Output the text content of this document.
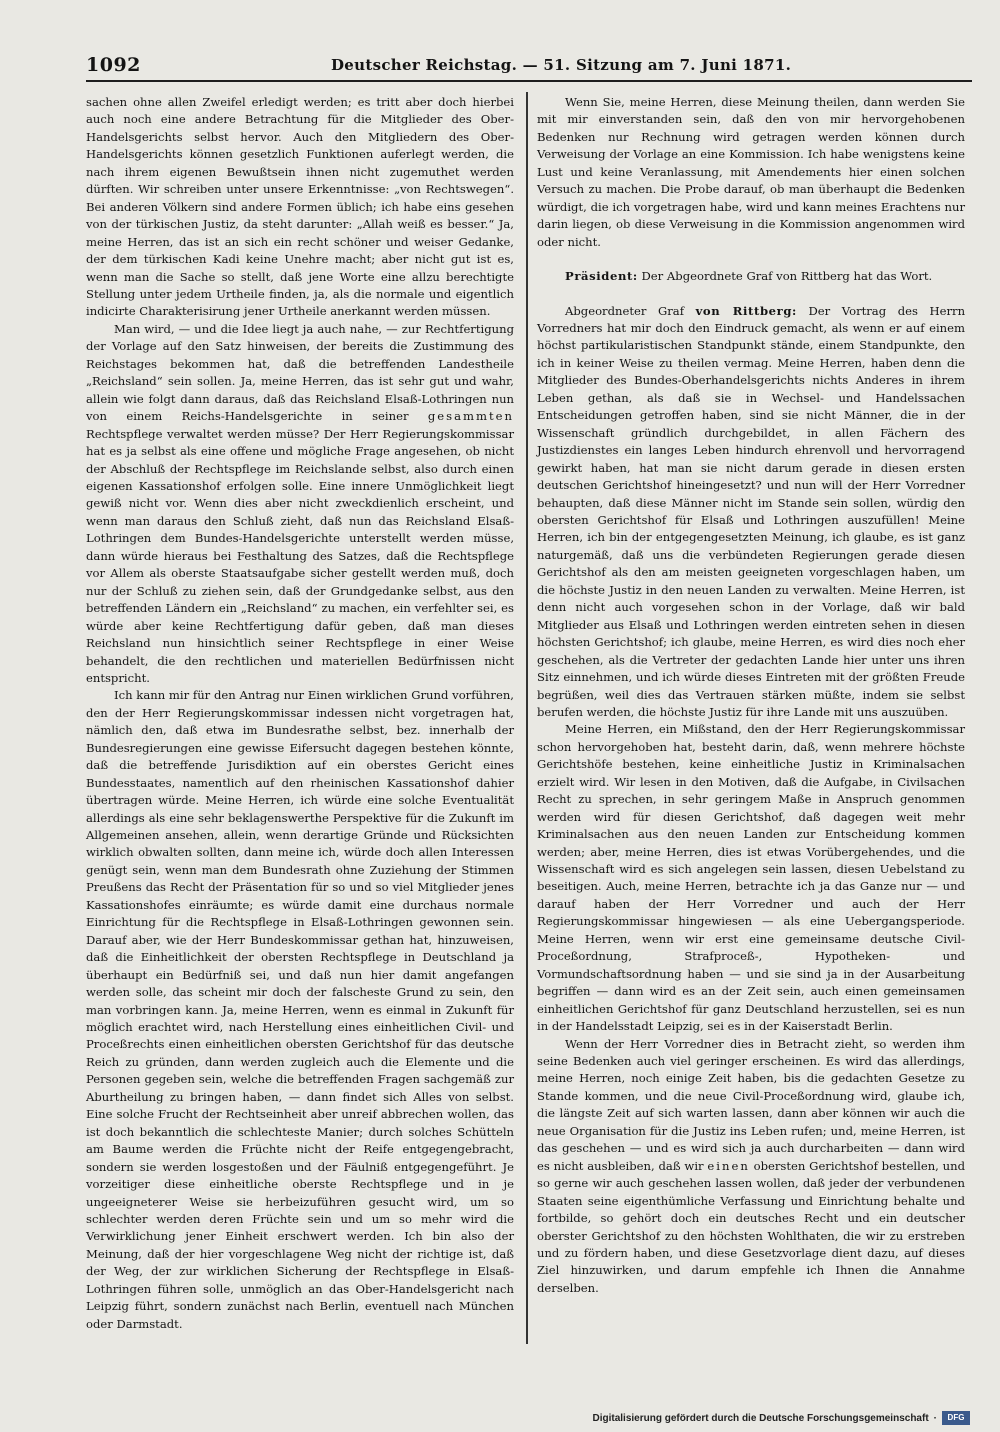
1092	Deutscher Reichstag. — 51. Sitzung am 7. Juni 1871.

sachen ohne allen Zweifel erledigt werden; es tritt aber doch hierbei auch noch eine andere Betrachtung für die Mitglieder des Ober-Handelsgerichts selbst hervor. Auch den Mitgliedern des Ober-Handelsgerichts können gesetzlich Funktionen auferlegt werden, die nach ihrem eigenen Bewußtsein ihnen nicht zugemuthet werden dürften. Wir schreiben unter unsere Erkenntnisse: „von Rechtswegen“. Bei anderen Völkern sind andere Formen üblich; ich habe eins gesehen von der türkischen Justiz, da steht darunter: „Allah weiß es besser.“ Ja, meine Herren, das ist an sich ein recht schöner und weiser Gedanke, der dem türkischen Kadi keine Unehre macht; aber nicht gut ist es, wenn man die Sache so stellt, daß jene Worte eine allzu berechtigte Stellung unter jedem Urtheile finden, ja, als die normale und eigentlich indicirte Charakterisirung jener Urtheile anerkannt werden müssen.

Man wird, — und die Idee liegt ja auch nahe, — zur Rechtfertigung der Vorlage auf den Satz hinweisen, der bereits die Zustimmung des Reichstages bekommen hat, daß die betreffenden Landestheile „Reichsland“ sein sollen. Ja, meine Herren, das ist sehr gut und wahr, allein wie folgt dann daraus, daß das Reichsland Elsaß-Lothringen nun von einem Reichs-Handelsgerichte in seiner gesammten Rechtspflege verwaltet werden müsse? Der Herr Regierungskommissar hat es ja selbst als eine offene und mögliche Frage angesehen, ob nicht der Abschluß der Rechtspflege im Reichslande selbst, also durch einen eigenen Kassationshof erfolgen solle. Eine innere Unmöglichkeit liegt gewiß nicht vor. Wenn dies aber nicht zweckdienlich erscheint, und wenn man daraus den Schluß zieht, daß nun das Reichsland Elsaß-Lothringen dem Bundes-Handelsgerichte unterstellt werden müsse, dann würde hieraus bei Festhaltung des Satzes, daß die Rechtspflege vor Allem als oberste Staatsaufgabe sicher gestellt werden muß, doch nur der Schluß zu ziehen sein, daß der Grundgedanke selbst, aus den betreffenden Ländern ein „Reichsland“ zu machen, ein verfehlter sei, es würde aber keine Rechtfertigung dafür geben, daß man dieses Reichsland nun hinsichtlich seiner Rechtspflege in einer Weise behandelt, die den rechtlichen und materiellen Bedürfnissen nicht entspricht.

Ich kann mir für den Antrag nur Einen wirklichen Grund vorführen, den der Herr Regierungskommissar indessen nicht vorgetragen hat, nämlich den, daß etwa im Bundesrathe selbst, bez. innerhalb der Bundesregierungen eine gewisse Eifersucht dagegen bestehen könnte, daß die betreffende Jurisdiktion auf ein oberstes Gericht eines Bundesstaates, namentlich auf den rheinischen Kassationshof dahier übertragen würde. Meine Herren, ich würde eine solche Eventualität allerdings als eine sehr beklagenswerthe Perspektive für die Zukunft im Allgemeinen ansehen, allein, wenn derartige Gründe und Rücksichten wirklich obwalten sollten, dann meine ich, würde doch allen Interessen genügt sein, wenn man dem Bundesrath ohne Zuziehung der Stimmen Preußens das Recht der Präsentation für so und so viel Mitglieder jenes Kassationshofes einräumte; es würde damit eine durchaus normale Einrichtung für die Rechtspflege in Elsaß-Lothringen gewonnen sein. Darauf aber, wie der Herr Bundeskommissar gethan hat, hinzuweisen, daß die Einheitlichkeit der obersten Rechtspflege in Deutschland ja überhaupt ein Bedürfniß sei, und daß nun hier damit angefangen werden solle, das scheint mir doch der falscheste Grund zu sein, den man vorbringen kann. Ja, meine Herren, wenn es einmal in Zukunft für möglich erachtet wird, nach Herstellung eines einheitlichen Civil- und Proceßrechts einen einheitlichen obersten Gerichtshof für das deutsche Reich zu gründen, dann werden zugleich auch die Elemente und die Personen gegeben sein, welche die betreffenden Fragen sachgemäß zur Aburtheilung zu bringen haben, — dann findet sich Alles von selbst. Eine solche Frucht der Rechtseinheit aber unreif abbrechen wollen, das ist doch bekanntlich die schlechteste Manier; durch solches Schütteln am Baume werden die Früchte nicht der Reife entgegengebracht, sondern sie werden losgestoßen und der Fäulniß entgegengeführt. Je vorzeitiger diese einheitliche oberste Rechtspflege und in je ungeeigneterer Weise sie herbeizuführen gesucht wird, um so schlechter werden deren Früchte sein und um so mehr wird die Verwirklichung jener Einheit erschwert werden. Ich bin also der Meinung, daß der hier vorgeschlagene Weg nicht der richtige ist, daß der Weg, der zur wirklichen Sicherung der Rechtspflege in Elsaß-Lothringen führen solle, unmöglich an das Ober-Handelsgericht nach Leipzig führt, sondern zunächst nach Berlin, eventuell nach München oder Darmstadt.

Wenn Sie, meine Herren, diese Meinung theilen, dann werden Sie mit mir einverstanden sein, daß den von mir hervorgehobenen Bedenken nur Rechnung wird getragen werden können durch Verweisung der Vorlage an eine Kommission. Ich habe wenigstens keine Lust und keine Veranlassung, mit Amendements hier einen solchen Versuch zu machen. Die Probe darauf, ob man überhaupt die Bedenken würdigt, die ich vorgetragen habe, wird und kann meines Erachtens nur darin liegen, ob diese Verweisung in die Kommission angenommen wird oder nicht.

Präsident: Der Abgeordnete Graf von Rittberg hat das Wort.

Abgeordneter Graf von Rittberg: Der Vortrag des Herrn Vorredners hat mir doch den Eindruck gemacht, als wenn er auf einem höchst partikularistischen Standpunkt stände, einem Standpunkte, den ich in keiner Weise zu theilen vermag. Meine Herren, haben denn die Mitglieder des Bundes-Oberhandelsgerichts nichts Anderes in ihrem Leben gethan, als daß sie in Wechsel- und Handelssachen Entscheidungen getroffen haben, sind sie nicht Männer, die in der Wissenschaft gründlich durchgebildet, in allen Fächern des Justizdienstes ein langes Leben hindurch ehrenvoll und hervorragend gewirkt haben, hat man sie nicht darum gerade in diesen ersten deutschen Gerichtshof hineingesetzt? und nun will der Herr Vorredner behaupten, daß diese Männer nicht im Stande sein sollen, würdig den obersten Gerichtshof für Elsaß und Lothringen auszufüllen! Meine Herren, ich bin der entgegengesetzten Meinung, ich glaube, es ist ganz naturgemäß, daß uns die verbündeten Regierungen gerade diesen Gerichtshof als den am meisten geeigneten vorgeschlagen haben, um die höchste Justiz in den neuen Landen zu verwalten. Meine Herren, ist denn nicht auch vorgesehen schon in der Vorlage, daß wir bald Mitglieder aus Elsaß und Lothringen werden eintreten sehen in diesen höchsten Gerichtshof; ich glaube, meine Herren, es wird dies noch eher geschehen, als die Vertreter der gedachten Lande hier unter uns ihren Sitz einnehmen, und ich würde dieses Eintreten mit der größten Freude begrüßen, weil dies das Vertrauen stärken müßte, indem sie selbst berufen werden, die höchste Justiz für ihre Lande mit uns auszuüben.

Meine Herren, ein Mißstand, den der Herr Regierungskommissar schon hervorgehoben hat, besteht darin, daß, wenn mehrere höchste Gerichtshöfe bestehen, keine einheitliche Justiz in Kriminalsachen erzielt wird. Wir lesen in den Motiven, daß die Aufgabe, in Civilsachen Recht zu sprechen, in sehr geringem Maße in Anspruch genommen werden wird für diesen Gerichtshof, daß dagegen weit mehr Kriminalsachen aus den neuen Landen zur Entscheidung kommen werden; aber, meine Herren, dies ist etwas Vorübergehendes, und die Wissenschaft wird es sich angelegen sein lassen, diesen Uebelstand zu beseitigen. Auch, meine Herren, betrachte ich ja das Ganze nur — und darauf haben der Herr Vorredner und auch der Herr Regierungskommissar hingewiesen — als eine Uebergangsperiode. Meine Herren, wenn wir erst eine gemeinsame deutsche Civil-Proceßordnung, Strafproceß-, Hypotheken- und Vormundschaftsordnung haben — und sie sind ja in der Ausarbeitung begriffen — dann wird es an der Zeit sein, auch einen gemeinsamen einheitlichen Gerichtshof für ganz Deutschland herzustellen, sei es nun in der Handelsstadt Leipzig, sei es in der Kaiserstadt Berlin.

Wenn der Herr Vorredner dies in Betracht zieht, so werden ihm seine Bedenken auch viel geringer erscheinen. Es wird das allerdings, meine Herren, noch einige Zeit haben, bis die gedachten Gesetze zu Stande kommen, und die neue Civil-Proceßordnung wird, glaube ich, die längste Zeit auf sich warten lassen, dann aber können wir auch die neue Organisation für die Justiz ins Leben rufen; und, meine Herren, ist das geschehen — und es wird sich ja auch durcharbeiten — dann wird es nicht ausbleiben, daß wir einen obersten Gerichtshof bestellen, und so gerne wir auch geschehen lassen wollen, daß jeder der verbundenen Staaten seine eigenthümliche Verfassung und Einrichtung behalte und fortbilde, so gehört doch ein deutsches Recht und ein deutscher oberster Gerichtshof zu den höchsten Wohlthaten, die wir zu erstreben und zu fördern haben, und diese Gesetzvorlage dient dazu, auf dieses Ziel hinzuwirken, und darum empfehle ich Ihnen die Annahme derselben.

Digitalisierung gefördert durch die Deutsche Forschungsgemeinschaft ·	DFG
